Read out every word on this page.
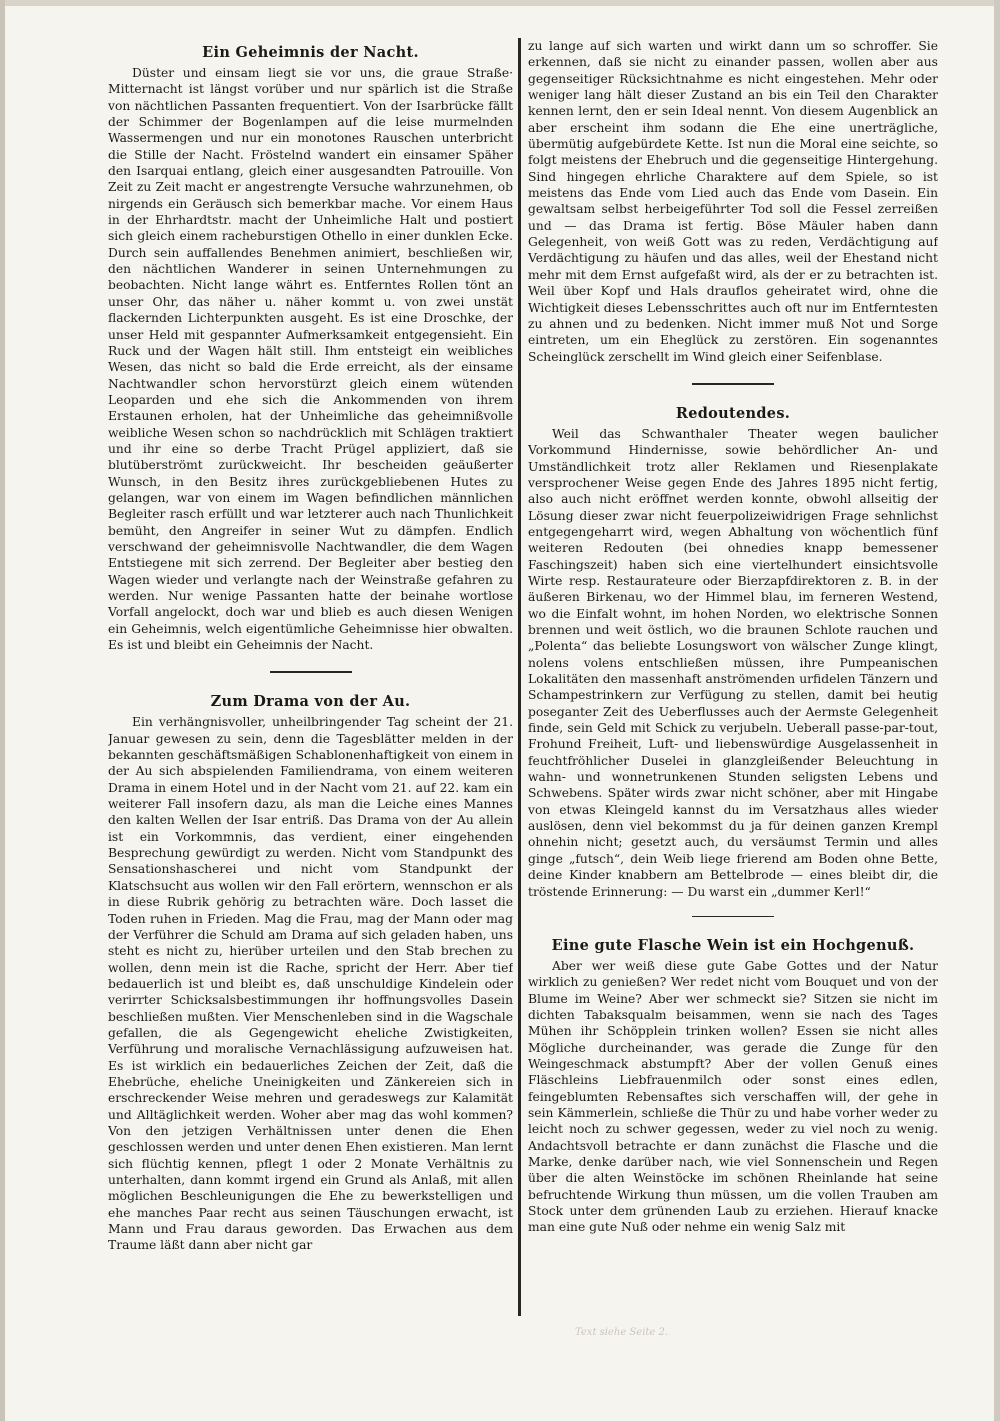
Ein Geheimnis der Nacht.

Düster und einsam liegt sie vor uns, die graue Straße· Mitternacht ist längst vorüber und nur spärlich ist die Straße von nächtlichen Passanten frequentiert. Von der Isarbrücke fällt der Schimmer der Bogenlampen auf die leise murmelnden Wassermengen und nur ein monotones Rauschen unterbricht die Stille der Nacht. Fröstelnd wandert ein einsamer Späher den Isarquai entlang, gleich einer ausgesandten Patrouille. Von Zeit zu Zeit macht er angestrengte Versuche wahrzunehmen, ob nirgends ein Geräusch sich bemerkbar mache. Vor einem Haus in der Ehrhardtstr. macht der Unheimliche Halt und postiert sich gleich einem racheburstigen Othello in einer dunklen Ecke. Durch sein auffallendes Benehmen animiert, beschließen wir, den nächtlichen Wanderer in seinen Unternehmungen zu beobachten. Nicht lange währt es. Entferntes Rollen tönt an unser Ohr, das näher u. näher kommt u. von zwei unstät flackernden Lichterpunkten ausgeht. Es ist eine Droschke, der unser Held mit gespannter Aufmerksamkeit entgegensieht. Ein Ruck und der Wagen hält still. Ihm entsteigt ein weibliches Wesen, das nicht so bald die Erde erreicht, als der einsame Nachtwandler schon hervorstürzt gleich einem wütenden Leoparden und ehe sich die Ankommenden von ihrem Erstaunen erholen, hat der Unheimliche das geheimnißvolle weibliche Wesen schon so nachdrücklich mit Schlägen traktiert und ihr eine so derbe Tracht Prügel appliziert, daß sie blutüberströmt zurückweicht. Ihr bescheiden geäußerter Wunsch, in den Besitz ihres zurückgebliebenen Hutes zu gelangen, war von einem im Wagen befindlichen männlichen Begleiter rasch erfüllt und war letzterer auch nach Thunlichkeit bemüht, den Angreifer in seiner Wut zu dämpfen. Endlich verschwand der geheimnisvolle Nachtwandler, die dem Wagen Entstiegene mit sich zerrend. Der Begleiter aber bestieg den Wagen wieder und verlangte nach der Weinstraße gefahren zu werden. Nur wenige Passanten hatte der beinahe wortlose Vorfall angelockt, doch war und blieb es auch diesen Wenigen ein Geheimnis, welch eigentümliche Geheimnisse hier obwalten. Es ist und bleibt ein Geheimnis der Nacht.

Zum Drama von der Au.

Ein verhängnisvoller, unheilbringender Tag scheint der 21. Januar gewesen zu sein, denn die Tagesblätter melden in der bekannten geschäftsmäßigen Schablonenhaftigkeit von einem in der Au sich abspielenden Familiendrama, von einem weiteren Drama in einem Hotel und in der Nacht vom 21. auf 22. kam ein weiterer Fall insofern dazu, als man die Leiche eines Mannes den kalten Wellen der Isar entriß. Das Drama von der Au allein ist ein Vorkommnis, das verdient, einer eingehenden Besprechung gewürdigt zu werden. Nicht vom Standpunkt des Sensationshascherei und nicht vom Standpunkt der Klatschsucht aus wollen wir den Fall erörtern, wennschon er als in diese Rubrik gehörig zu betrachten wäre. Doch lasset die Toden ruhen in Frieden. Mag die Frau, mag der Mann oder mag der Verführer die Schuld am Drama auf sich geladen haben, uns steht es nicht zu, hierüber urteilen und den Stab brechen zu wollen, denn mein ist die Rache, spricht der Herr. Aber tief bedauerlich ist und bleibt es, daß unschuldige Kindelein oder verirrter Schicksalsbestimmungen ihr hoffnungsvolles Dasein beschließen mußten. Vier Menschenleben sind in die Wagschale gefallen, die als Gegengewicht eheliche Zwistigkeiten, Verführung und moralische Vernachlässigung aufzuweisen hat. Es ist wirklich ein bedauerliches Zeichen der Zeit, daß die Ehebrüche, eheliche Uneinigkeiten und Zänkereien sich in erschreckender Weise mehren und geradeswegs zur Kalamität und Alltäglichkeit werden. Woher aber mag das wohl kommen? Von den jetzigen Verhältnissen unter denen die Ehen geschlossen werden und unter denen Ehen existieren. Man lernt sich flüchtig kennen, pflegt 1 oder 2 Monate Verhältnis zu unterhalten, dann kommt irgend ein Grund als Anlaß, mit allen möglichen Beschleunigungen die Ehe zu bewerkstelligen und ehe manches Paar recht aus seinen Täuschungen erwacht, ist Mann und Frau daraus geworden. Das Erwachen aus dem Traume läßt dann aber nicht gar

zu lange auf sich warten und wirkt dann um so schroffer. Sie erkennen, daß sie nicht zu einander passen, wollen aber aus gegenseitiger Rücksichtnahme es nicht eingestehen. Mehr oder weniger lang hält dieser Zustand an bis ein Teil den Charakter kennen lernt, den er sein Ideal nennt. Von diesem Augenblick an aber erscheint ihm sodann die Ehe eine unerträgliche, übermütig aufgebürdete Kette. Ist nun die Moral eine seichte, so folgt meistens der Ehebruch und die gegenseitige Hintergehung. Sind hingegen ehrliche Charaktere auf dem Spiele, so ist meistens das Ende vom Lied auch das Ende vom Dasein. Ein gewaltsam selbst herbeigeführter Tod soll die Fessel zerreißen und — das Drama ist fertig. Böse Mäuler haben dann Gelegenheit, von weiß Gott was zu reden, Verdächtigung auf Verdächtigung zu häufen und das alles, weil der Ehestand nicht mehr mit dem Ernst aufgefaßt wird, als der er zu betrachten ist. Weil über Kopf und Hals drauflos geheiratet wird, ohne die Wichtigkeit dieses Lebensschrittes auch oft nur im Entferntesten zu ahnen und zu bedenken. Nicht immer muß Not und Sorge eintreten, um ein Eheglück zu zerstören. Ein sogenanntes Scheinglück zerschellt im Wind gleich einer Seifenblase.

Redoutendes.

Weil das Schwanthaler Theater wegen baulicher Vorkommund Hindernisse, sowie behördlicher An- und Umständlichkeit trotz aller Reklamen und Riesenplakate versprochener Weise gegen Ende des Jahres 1895 nicht fertig, also auch nicht eröffnet werden konnte, obwohl allseitig der Lösung dieser zwar nicht feuerpolizeiwidrigen Frage sehnlichst entgegengeharrt wird, wegen Abhaltung von wöchentlich fünf weiteren Redouten (bei ohnedies knapp bemessener Faschingszeit) haben sich eine viertelhundert einsichtsvolle Wirte resp. Restaurateure oder Bierzapfdirektoren z. B. in der äußeren Birkenau, wo der Himmel blau, im ferneren Westend, wo die Einfalt wohnt, im hohen Norden, wo elektrische Sonnen brennen und weit östlich, wo die braunen Schlote rauchen und „Polenta“ das beliebte Losungswort von wälscher Zunge klingt, nolens volens entschließen müssen, ihre Pumpeanischen Lokalitäten den massenhaft anströmenden urfidelen Tänzern und Schampestrinkern zur Verfügung zu stellen, damit bei heutig poseganter Zeit des Ueberflusses auch der Aermste Gelegenheit finde, sein Geld mit Schick zu verjubeln. Ueberall passe-par-tout, Frohund Freiheit, Luft- und liebenswürdige Ausgelassenheit in feuchtfröhlicher Duselei in glanzgleißender Beleuchtung in wahn- und wonnetrunkenen Stunden seligsten Lebens und Schwebens. Später wirds zwar nicht schöner, aber mit Hingabe von etwas Kleingeld kannst du im Versatzhaus alles wieder auslösen, denn viel bekommst du ja für deinen ganzen Krempl ohnehin nicht; gesetzt auch, du versäumst Termin und alles ginge „futsch“, dein Weib liege frierend am Boden ohne Bette, deine Kinder knabbern am Bettelbrode — eines bleibt dir, die tröstende Erinnerung: — Du warst ein „dummer Kerl!“

Eine gute Flasche Wein ist ein Hochgenuß.

Aber wer weiß diese gute Gabe Gottes und der Natur wirklich zu genießen? Wer redet nicht vom Bouquet und von der Blume im Weine? Aber wer schmeckt sie? Sitzen sie nicht im dichten Tabaksqualm beisammen, wenn sie nach des Tages Mühen ihr Schöpplein trinken wollen? Essen sie nicht alles Mögliche durcheinander, was gerade die Zunge für den Weingeschmack abstumpft? Aber der vollen Genuß eines Fläschleins Liebfrauenmilch oder sonst eines edlen, feingeblumten Rebensaftes sich verschaffen will, der gehe in sein Kämmerlein, schließe die Thür zu und habe vorher weder zu leicht noch zu schwer gegessen, weder zu viel noch zu wenig. Andachtsvoll betrachte er dann zunächst die Flasche und die Marke, denke darüber nach, wie viel Sonnenschein und Regen über die alten Weinstöcke im schönen Rheinlande hat seine befruchtende Wirkung thun müssen, um die vollen Trauben am Stock unter dem grünenden Laub zu erziehen. Hierauf knacke man eine gute Nuß oder nehme ein wenig Salz mit

Text siehe Seite 2.
